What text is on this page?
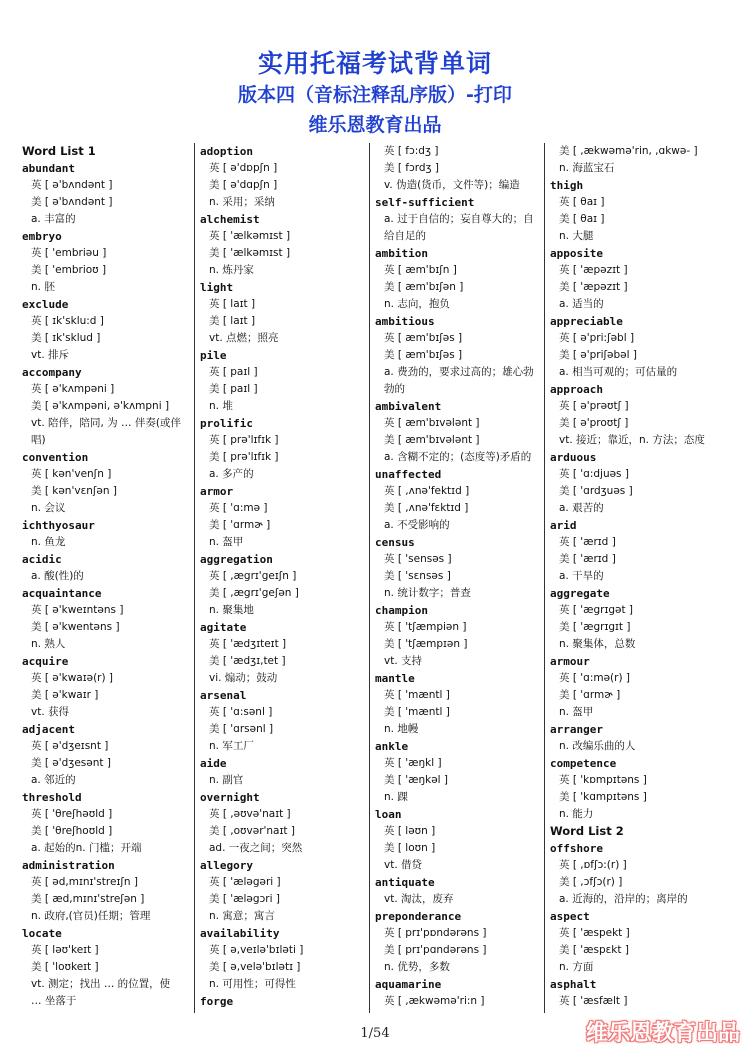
实用托福考试背单词
版本四（音标注释乱序版）-打印
维乐恩教育出品
Word List 1
abundant
英 [ ə'bʌndənt ]
美 [ ə'bʌndənt ]
a. 丰富的
embryo
英 [ 'embriəu ]
美 [ 'embrioʊ ]
n. 胚
exclude
英 [ ɪk'sklu:d ]
美 [ ɪk'sklud ]
vt. 排斥
accompany
英 [ ə'kʌmpəni ]
美 [ ə'kʌmpəni, ə'kʌmpni ]
vt. 陪伴，陪同, 为 … 伴奏(或伴唱)
convention
英 [ kən'venʃn ]
美 [ kən'vɛnʃən ]
n. 会议
ichthyosaur
n. 鱼龙
acidic
a. 酸(性)的
acquaintance
英 [ ə'kweɪntəns ]
美 [ ə'kwentəns ]
n. 熟人
acquire
英 [ ə'kwaɪə(r) ]
美 [ ə'kwaɪr ]
vt. 获得
adjacent
英 [ ə'dʒeɪsnt ]
美 [ ə'dʒesənt ]
a. 邻近的
threshold
英 [ 'θreʃhəʊld ]
美 [ 'θreʃhoʊld ]
a. 起始的n. 门槛；开端
administration
英 [ əd,mɪnɪ'streɪʃn ]
美 [ æd,mɪnɪ'streʃən ]
n. 政府,(官员)任期；管理
locate
英 [ ləʊ'keɪt ]
美 [ 'loʊkeɪt ]
vt. 测定；找出 … 的位置，使 … 坐落于
adoption
英 [ ə'dɒpʃn ]
美 [ ə'dɑpʃn ]
n. 采用；采纳
alchemist
英 [ 'ælkəmɪst ]
美 [ 'ælkəmɪst ]
n. 炼丹家
light
英 [ laɪt ]
美 [ laɪt ]
vt. 点燃；照亮
pile
英 [ paɪl ]
美 [ paɪl ]
n. 堆
prolific
英 [ prə'lɪfɪk ]
美 [ prə'lɪfɪk ]
a. 多产的
armor
英 [ 'ɑ:mə ]
美 [ 'ɑrmɚ ]
n. 盔甲
aggregation
英 [ ,ægrɪ'geɪʃn ]
美 [ ,ægrɪ'geʃən ]
n. 聚集地
agitate
英 [ 'ædʒɪteɪt ]
美 [ 'ædʒɪ,tet ]
vi. 煽动；鼓动
arsenal
英 [ 'ɑ:sənl ]
美 [ 'ɑrsənl ]
n. 军工厂
aide
n. 副官
overnight
英 [ ,əʊvə'naɪt ]
美 [ ,oʊvər'naɪt ]
ad. 一夜之间；突然
allegory
英 [ 'æləgəri ]
美 [ 'æləgɔri ]
n. 寓意；寓言
availability
英 [ ə,veɪlə'bɪləti ]
美 [ ə,velə'bɪlətɪ ]
n. 可用性；可得性
forge
英 [ fɔ:dʒ ]
美 [ fɔrdʒ ]
v. 伪造(货币，文件等)；编造
self-sufficient
a. 过于自信的；妄自尊大的；自给自足的
ambition
英 [ æm'bɪʃn ]
美 [ æm'bɪʃən ]
n. 志向，抱负
ambitious
英 [ æm'bɪʃəs ]
美 [ æm'bɪʃəs ]
a. 费劲的，要求过高的；雄心勃勃的
ambivalent
英 [ æm'bɪvələnt ]
美 [ æm'bɪvələnt ]
a. 含糊不定的；(态度等)矛盾的
unaffected
英 [ ,ʌnə'fektɪd ]
美 [ ,ʌnə'fɛktɪd ]
a. 不受影响的
census
英 [ 'sensəs ]
美 [ 'sɛnsəs ]
n. 统计数字；普查
champion
英 [ 'tʃæmpiən ]
美 [ 'tʃæmpɪən ]
vt. 支持
mantle
英 [ 'mæntl ]
美 [ 'mæntl ]
n. 地幔
ankle
英 [ 'æŋkl ]
美 [ 'æŋkəl ]
n. 踝
loan
英 [ ləʊn ]
美 [ loʊn ]
vt. 借贷
antiquate
vt. 淘汰，废弃
preponderance
英 [ prɪ'pɒndərəns ]
美 [ prɪ'pɑndərəns ]
n. 优势，多数
aquamarine
英 [ ,ækwəmə'ri:n ]
美 [ ,ækwəmə'rin, ,ɑkwə- ]
n. 海蓝宝石
thigh
英 [ θaɪ ]
美 [ θaɪ ]
n. 大腿
apposite
英 [ 'æpəzɪt ]
美 [ 'æpəzɪt ]
a. 适当的
appreciable
英 [ ə'pri:ʃəbl ]
美 [ ə'priʃəbəl ]
a. 相当可观的；可估量的
approach
英 [ ə'prəʊtʃ ]
美 [ ə'proʊtʃ ]
vt. 接近；靠近，n. 方法；态度
arduous
英 [ 'ɑ:djuəs ]
美 [ 'ɑrdʒuəs ]
a. 艰苦的
arid
英 [ 'ærɪd ]
美 [ 'ærɪd ]
a. 干旱的
aggregate
英 [ 'ægrɪgət ]
美 [ 'ægrɪgɪt ]
n. 聚集体，总数
armour
英 [ 'ɑ:mə(r) ]
美 [ 'ɑrmɚ ]
n. 盔甲
arranger
n. 改编乐曲的人
competence
英 [ 'kɒmpɪtəns ]
美 [ 'kɑmpɪtəns ]
n. 能力
Word List 2
offshore
英 [ ,ɒfʃɔ:(r) ]
美 [ ,ɔfʃɔ(r) ]
a. 近海的，沿岸的；离岸的
aspect
英 [ 'æspekt ]
美 [ 'æspɛkt ]
n. 方面
asphalt
英 [ 'æsfælt ]
1/54	维乐恩教育出品
